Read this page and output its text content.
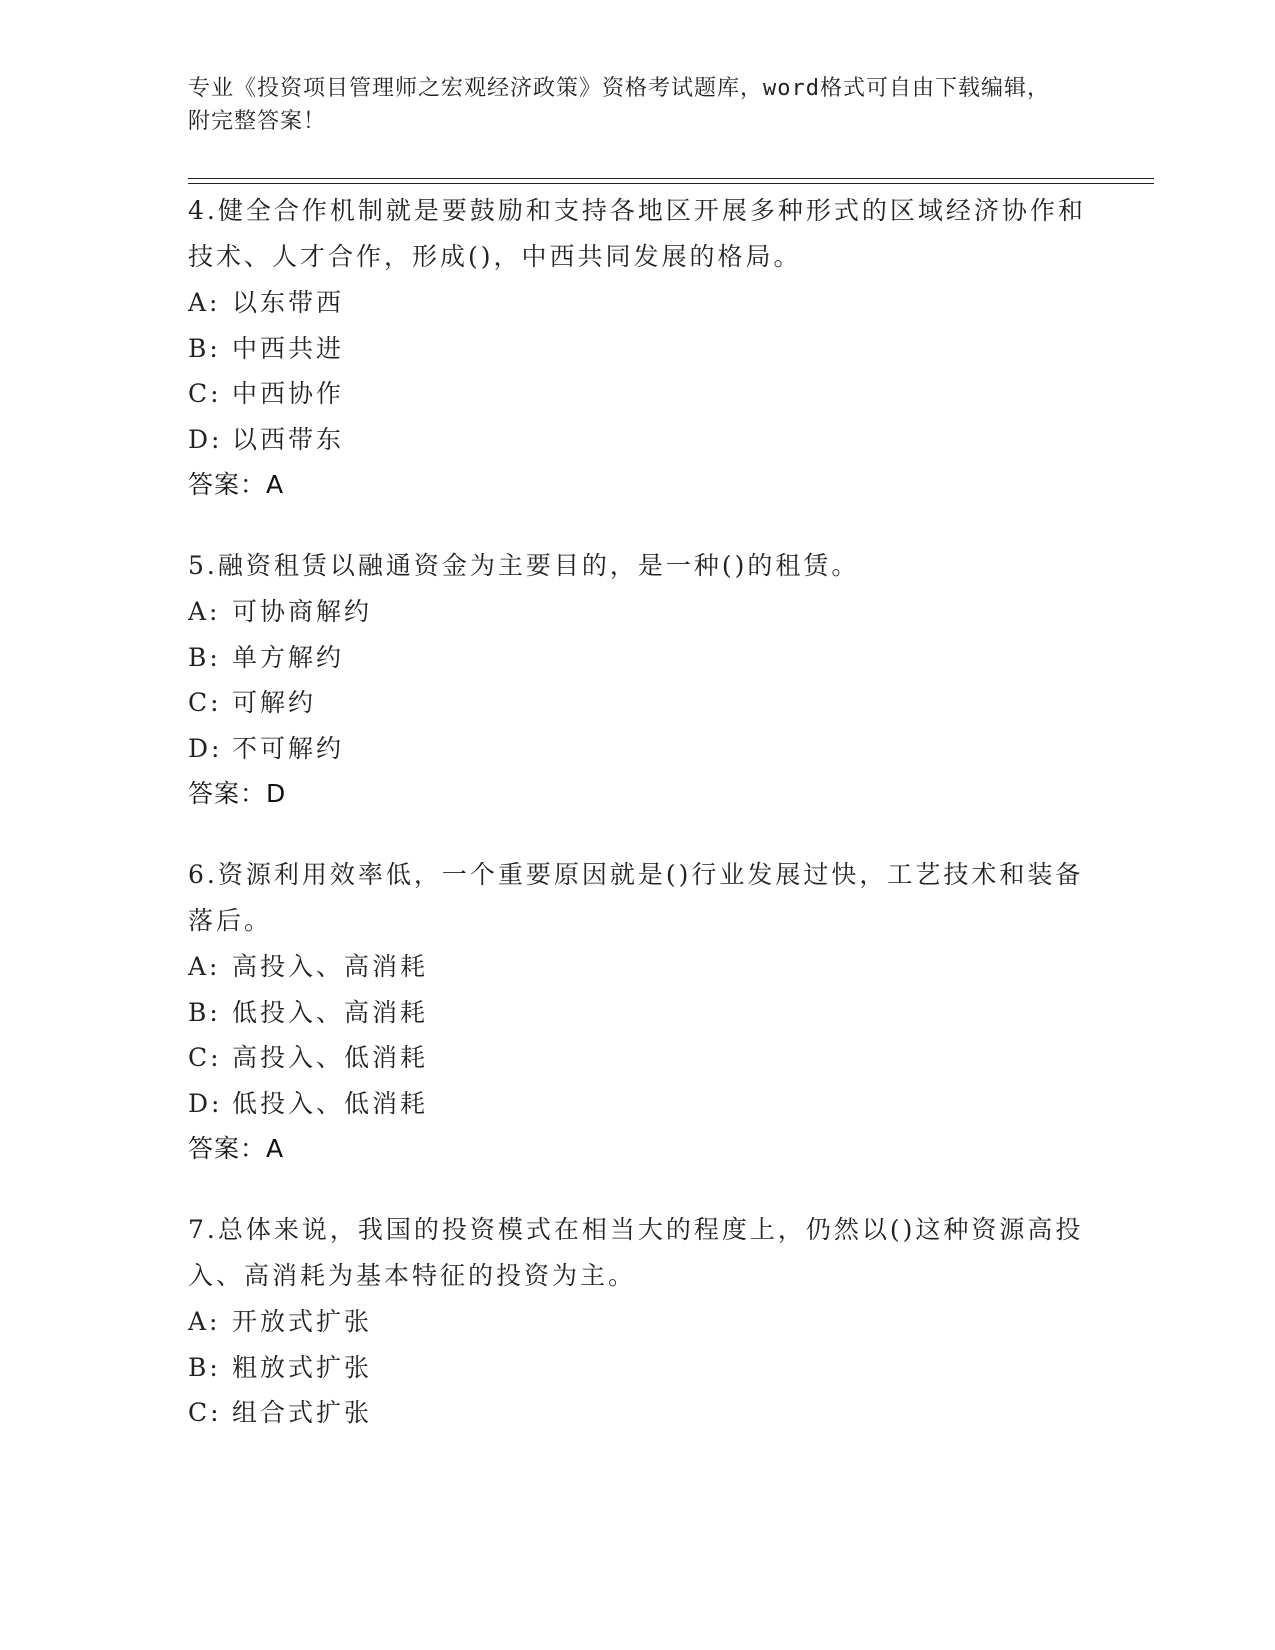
专业《投资项目管理师之宏观经济政策》资格考试题库，word格式可自由下载编辑，附完整答案！
4.健全合作机制就是要鼓励和支持各地区开展多种形式的区域经济协作和技术、人才合作，形成()，中西共同发展的格局。
A: 以东带西
B: 中西共进
C: 中西协作
D: 以西带东
答案：A
5.融资租赁以融通资金为主要目的，是一种()的租赁。
A: 可协商解约
B: 单方解约
C: 可解约
D: 不可解约
答案：D
6.资源利用效率低，一个重要原因就是()行业发展过快，工艺技术和装备落后。
A: 高投入、高消耗
B: 低投入、高消耗
C: 高投入、低消耗
D: 低投入、低消耗
答案：A
7.总体来说，我国的投资模式在相当大的程度上，仍然以()这种资源高投入、高消耗为基本特征的投资为主。
A: 开放式扩张
B: 粗放式扩张
C: 组合式扩张
